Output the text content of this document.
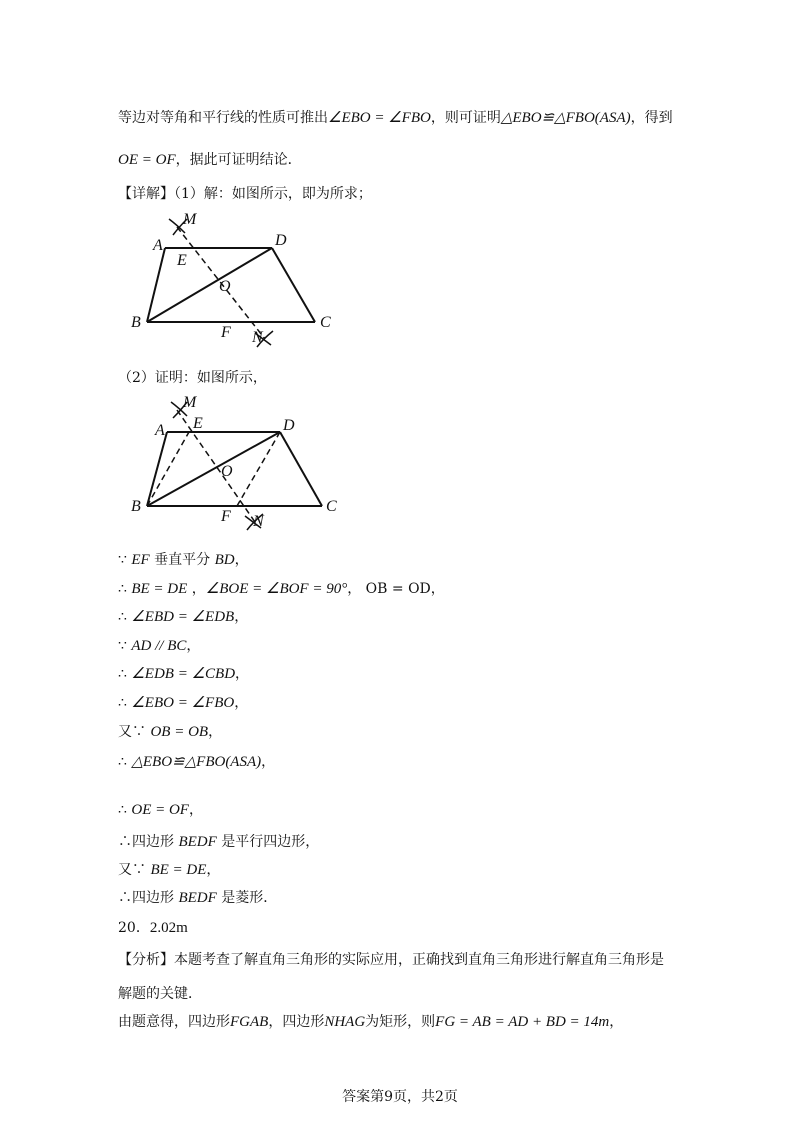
等边对等角和平行线的性质可推出∠EBO = ∠FBO，则可证明△EBO≌△FBO(ASA)，得到
OE = OF，据此可证明结论．
【详解】（1）解：如图所示，即为所求；
M
A	D
E
O
B
F N
C
（2）证明：如图所示，
M
A E	D
O
B
F N
C
∵ EF 垂直平分 BD，
∴ BE = DE ，∠BOE = ∠BOF = 90°， OB = OD，
∴ ∠EBD = ∠EDB，
∵ AD // BC，
∴ ∠EDB = ∠CBD，
∴ ∠EBO = ∠FBO，
又∵ OB = OB，
∴ △EBO≌△FBO(ASA)，
∴ OE = OF，
∴四边形 BEDF 是平行四边形，
又∵ BE = DE，
∴四边形 BEDF 是菱形．
20．2.02m
【分析】本题考查了解直角三角形的实际应用，正确找到直角三角形进行解直角三角形是
解题的关键．
由题意得，四边形FGAB，四边形NHAG为矩形，则FG = AB = AD + BD = 14m，
答案第9页，共2页
